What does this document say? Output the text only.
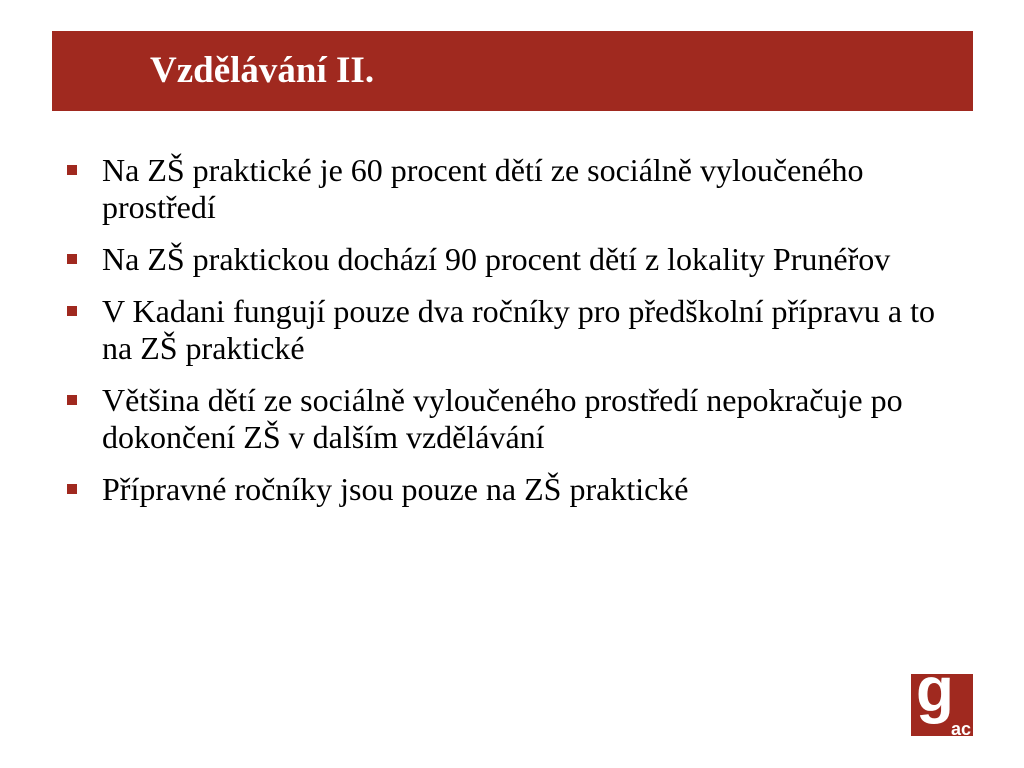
Vzdělávání II.
Na ZŠ praktické je 60 procent dětí ze sociálně vyloučeného prostředí
Na ZŠ praktickou dochází 90 procent dětí z lokality Prunéřov
V Kadani fungují pouze dva ročníky pro předškolní přípravu a to na ZŠ praktické
Většina dětí ze sociálně vyloučeného prostředí nepokračuje po dokončení ZŠ v dalším vzdělávání
Přípravné ročníky jsou pouze na ZŠ praktické
g
ac
